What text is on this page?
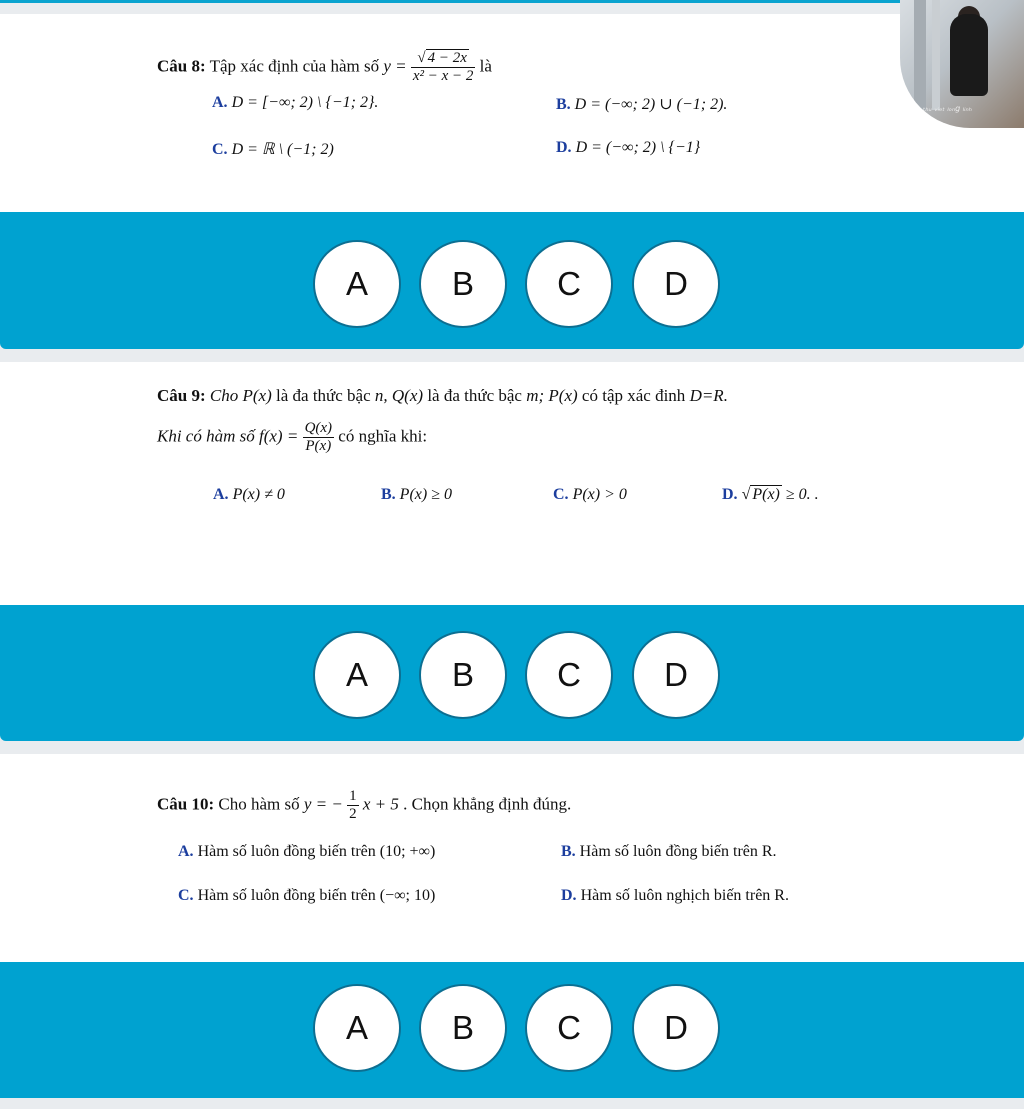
Câu 8: Tập xác định của hàm số $y = \frac{√ 4 - 2x}{\text{x² − x − 2}}$ là
A. D = [−∞; 2) \ {−1; 2}.	B. D = (−∞; 2) ∪ (−1; 2).
C. D = ℝ \ (−1; 2)	D. D = (−∞; 2) \ {−1}
ᵥᵢₑₜ ₜₕᵤ ᵥᵢₑₜ ₗₒₙg ₗᵢₙₕ
A	B	C	D
Câu 9: Cho P(x) là đa thức bậc n, Q(x) là đa thức bậc m; P(x) có tập xác đinh D=R.
Khi có hàm số $f(x) = \frac{Q(x)}{P(x)}$ có nghĩa khi:
A. P(x) ≠ 0	B. P(x) ≥ 0	C. P(x) > 0	D. √ P(x) ≥ 0. .
A	B	C	D
Câu 10: Cho hàm số y = − $\frac{1}{2}$ x + 5 . Chọn khẳng định đúng.
A. Hàm số luôn đồng biến trên (10; +∞)	B. Hàm số luôn đồng biến trên R.
C. Hàm số luôn đồng biến trên (−∞; 10)	D. Hàm số luôn nghịch biến trên R.
A	B	C	D
